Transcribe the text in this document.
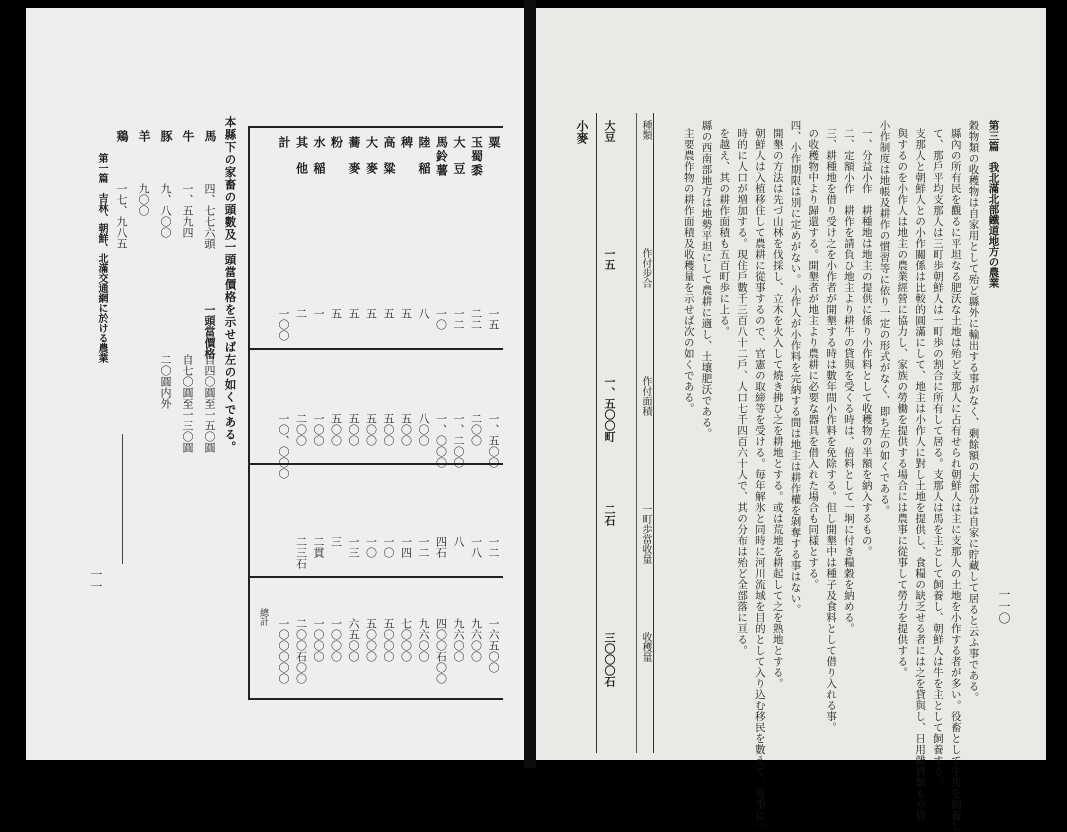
總計
本縣下の家畜の頭數及一頭當價格を示せば左の如くである。
一頭當價格
第一篇　吉林、朝鮮、北滿交通網に於ける農業
一一
粟
一五
一、五〇〇
一二
一六五〇〇
玉蜀黍
二二
二〇〇
一八
九六〇〇
大豆
一二
一、二〇〇
八
九六〇〇
馬鈴薯
一〇
一、〇〇〇
四石
四〇〇石〇〇
陸稲
八
八〇〇
一二
九六〇〇
稗
五
五〇〇
一四
七〇〇〇
高粱
五
五〇〇
一〇
五〇〇〇
大麥
五
五〇〇
一〇
五〇〇〇
蕎麥
五
五〇〇
一三
六五〇〇
粉
五
五〇〇
三
一〇〇〇
水稲
一
一〇〇
二貫
一〇〇〇
其他
二
二〇〇
二三石
二〇〇石〇〇
計
一〇〇
一〇、〇〇〇
一〇〇〇〇〇
馬
四、七七六頭
自四〇圓至一五〇圓
牛
一、五九四
自七〇圓至一三〇圓
豚
九、八〇〇
二〇圓内外
羊
九〇〇
鶏
一七、九八五
一一〇
第三篇　我北滿北部鐵道地方の農業
小麥	穀物類の收穫物は自家用として殆ど縣外に輸出する事がなく、剰餘額の大部分は自家に貯藏して居ると云ふ事である。
縣內の所有民を觀るに平坦なる肥沃な土地は殆ど支那人に占有せられ朝鮮人は主に支那人の土地を小作する者が多い。役畜として牛馬を飼養し
て、那戶平均支那人は三町歩朝鮮人は一町歩の割合に所有して居る。支那人は馬を主として飼養し、朝鮮人は牛を主として飼養する。
支那人と朝鮮人との小作關係は比較的圓滿にして、地主は小作人に對し土地を提供し、食糧の缺乏せる者には之を貸與し、日用雜貨類も亦貸
與するのを小作人は地主の農業經營に協力し、家族の勞働を提供する場合には農事に從事して勞力を提供する。
小作制度は地帳及耕作の慣習等に依り一定の形式がなく、即ち左の如くである。
一、分益小作　耕種地は地主の提供に係り小作料として收穫物の半額を納入するもの。
二、定額小作　耕作を請負ひ地主より耕牛の貸與を受くる時は、倍料として一坰に付き糧穀を納める。
三、耕種地を借り受け之を小作者が開墾する時は數年間小作料を免除する。但し開墾中は種子及食料として借り入れる事。
の收穫物中より歸還する。開墾者が地主より農耕に必要な器具を借入れた場合も同樣とする。
四、小作期限は別に定めがない。小作人が小作料を完納する間は地主は耕作權を剝奪する事はない。
開墾の方法は先づ山林を伐採し、立木を火入して燒き拂ひ之を耕地とする。或は荒地を耕起して之を熟地とする。
朝鮮人は入植移住して農耕に從事するので、官憲の取締等を受ける。毎年解氷と同時に河川流域を目的として入り込む移民を數えて、夏季に一
時的に人口が増加する。現住戶數千三百八十二戶、人口七千四百六十人で、其の分布は殆ど全部落に亘る。
を越え、其の耕作面積も五百町歩に上る。
縣の西南部地方は地勢平坦にして農耕に適し、土壤肥沃である。
主要農作物の耕作面積及收穫量を示せば次の如くである。
種類
作付步合
作付面積
一町歩當收量
收穫量
大豆
一五
一、五〇〇町
二石
三〇〇〇石
